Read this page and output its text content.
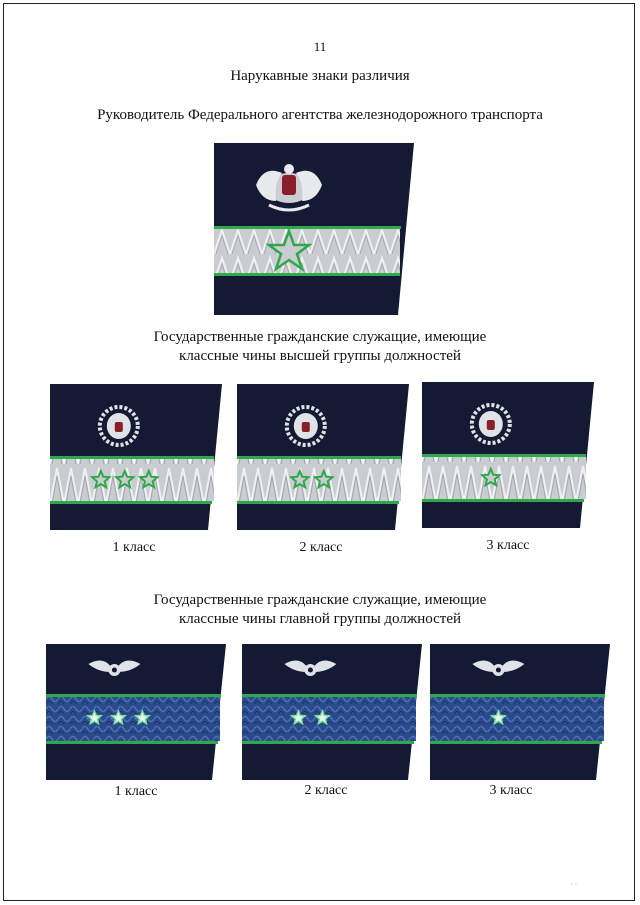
11
Нарукавные знаки различия
Руководитель Федерального агентства железнодорожного транспорта
Государственные гражданские служащие, имеющие
классные чины высшей группы должностей
1 класс	2 класс	3 класс
Государственные гражданские служащие, имеющие
классные чины главной группы должностей
1 класс	2 класс	3 класс
· ·
